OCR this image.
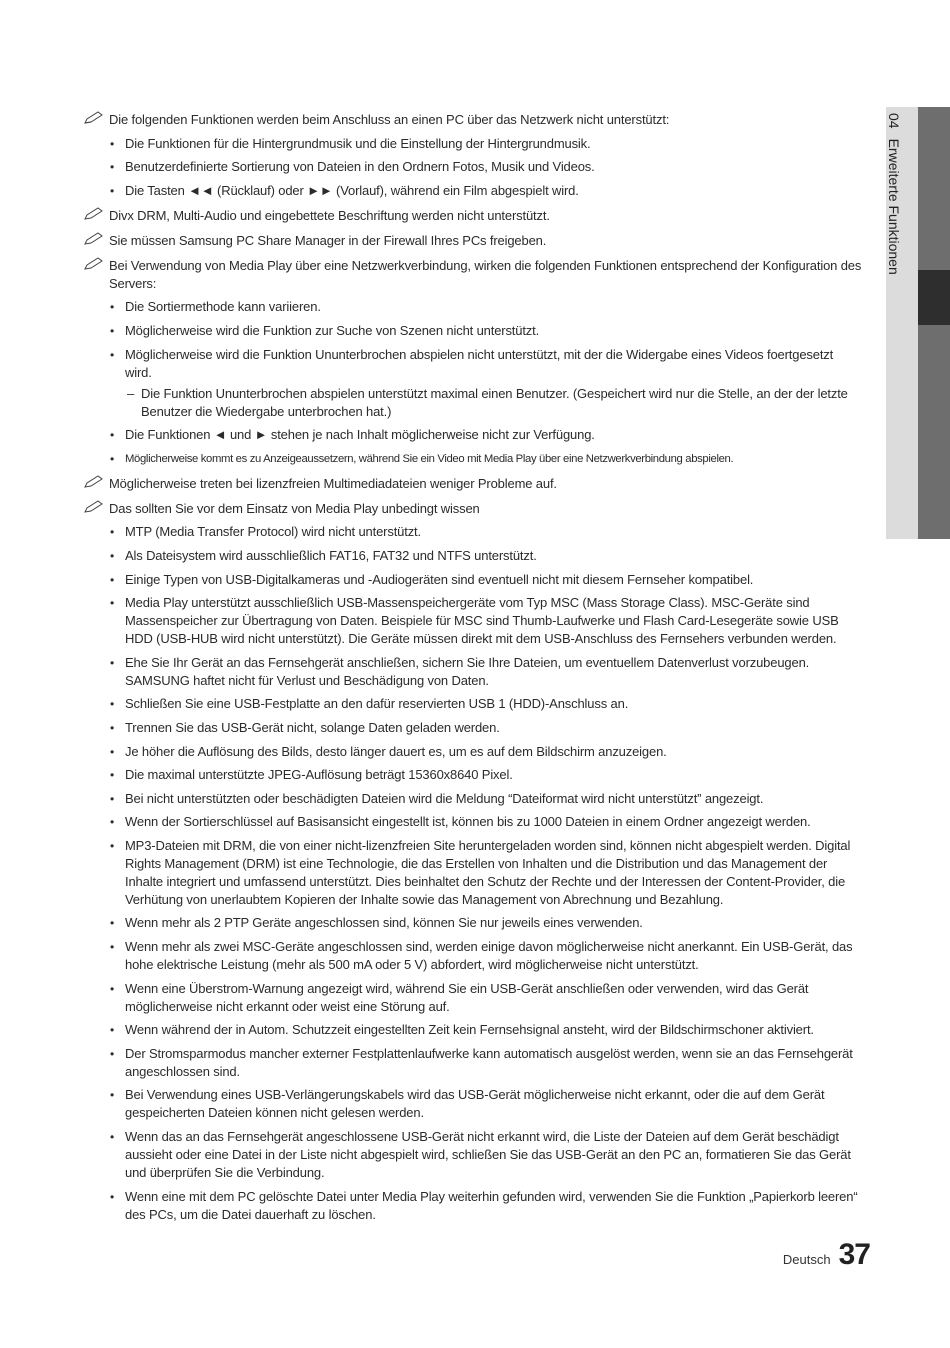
04Erweiterte Funktionen
Die folgenden Funktionen werden beim Anschluss an einen PC über das Netzwerk nicht unterstützt:
• Die Funktionen für die Hintergrundmusik und die Einstellung der Hintergrundmusik.
• Benutzerdefinierte Sortierung von Dateien in den Ordnern Fotos, Musik und Videos.
• Die Tasten ◄◄ (Rücklauf) oder ►► (Vorlauf), während ein Film abgespielt wird.
Divx DRM, Multi-Audio und eingebettete Beschriftung werden nicht unterstützt.
Sie müssen Samsung PC Share Manager in der Firewall Ihres PCs freigeben.
Bei Verwendung von Media Play über eine Netzwerkverbindung, wirken die folgenden Funktionen entsprechend der Konfiguration des Servers:
• Die Sortiermethode kann variieren.
• Möglicherweise wird die Funktion zur Suche von Szenen nicht unterstützt.
• Möglicherweise wird die Funktion Ununterbrochen abspielen nicht unterstützt, mit der die Widergabe eines Videos foertgesetzt wird.
– Die Funktion Ununterbrochen abspielen unterstützt maximal einen Benutzer. (Gespeichert wird nur die Stelle, an der der letzte Benutzer die Wiedergabe unterbrochen hat.)
• Die Funktionen ◄ und ► stehen je nach Inhalt möglicherweise nicht zur Verfügung.
• Möglicherweise kommt es zu Anzeigeaussetzern, während Sie ein Video mit Media Play über eine Netzwerkverbindung abspielen.
Möglicherweise treten bei lizenzfreien Multimediadateien weniger Probleme auf.
Das sollten Sie vor dem Einsatz von Media Play unbedingt wissen
• MTP (Media Transfer Protocol) wird nicht unterstützt.
• Als Dateisystem wird ausschließlich FAT16, FAT32 und NTFS unterstützt.
• Einige Typen von USB-Digitalkameras und -Audiogeräten sind eventuell nicht mit diesem Fernseher kompatibel.
• Media Play unterstützt ausschließlich USB-Massenspeichergeräte vom Typ MSC (Mass Storage Class). MSC-Geräte sind Massenspeicher zur Übertragung von Daten. Beispiele für MSC sind Thumb-Laufwerke und Flash Card-Lesegeräte sowie USB HDD (USB-HUB wird nicht unterstützt). Die Geräte müssen direkt mit dem USB-Anschluss des Fernsehers verbunden werden.
• Ehe Sie Ihr Gerät an das Fernsehgerät anschließen, sichern Sie Ihre Dateien, um eventuellem Datenverlust vorzubeugen. SAMSUNG haftet nicht für Verlust und Beschädigung von Daten.
• Schließen Sie eine USB-Festplatte an den dafür reservierten USB 1 (HDD)-Anschluss an.
• Trennen Sie das USB-Gerät nicht, solange Daten geladen werden.
• Je höher die Auflösung des Bilds, desto länger dauert es, um es auf dem Bildschirm anzuzeigen.
• Die maximal unterstützte JPEG-Auflösung beträgt 15360x8640 Pixel.
• Bei nicht unterstützten oder beschädigten Dateien wird die Meldung “Dateiformat wird nicht unterstützt” angezeigt.
• Wenn der Sortierschlüssel auf Basisansicht eingestellt ist, können bis zu 1000 Dateien in einem Ordner angezeigt werden.
• MP3-Dateien mit DRM, die von einer nicht-lizenzfreien Site heruntergeladen worden sind, können nicht abgespielt werden. Digital Rights Management (DRM) ist eine Technologie, die das Erstellen von Inhalten und die Distribution und das Management der Inhalte integriert und umfassend unterstützt. Dies beinhaltet den Schutz der Rechte und der Interessen der Content-Provider, die Verhütung von unerlaubtem Kopieren der Inhalte sowie das Management von Abrechnung und Bezahlung.
• Wenn mehr als 2 PTP Geräte angeschlossen sind, können Sie nur jeweils eines verwenden.
• Wenn mehr als zwei MSC-Geräte angeschlossen sind, werden einige davon möglicherweise nicht anerkannt. Ein USB-Gerät, das hohe elektrische Leistung (mehr als 500 mA oder 5 V) abfordert, wird möglicherweise nicht unterstützt.
• Wenn eine Überstrom-Warnung angezeigt wird, während Sie ein USB-Gerät anschließen oder verwenden, wird das Gerät möglicherweise nicht erkannt oder weist eine Störung auf.
• Wenn während der in Autom. Schutzzeit eingestellten Zeit kein Fernsehsignal ansteht, wird der Bildschirmschoner aktiviert.
• Der Stromsparmodus mancher externer Festplattenlaufwerke kann automatisch ausgelöst werden, wenn sie an das Fernsehgerät angeschlossen sind.
• Bei Verwendung eines USB-Verlängerungskabels wird das USB-Gerät möglicherweise nicht erkannt, oder die auf dem Gerät gespeicherten Dateien können nicht gelesen werden.
• Wenn das an das Fernsehgerät angeschlossene USB-Gerät nicht erkannt wird, die Liste der Dateien auf dem Gerät beschädigt aussieht oder eine Datei in der Liste nicht abgespielt wird, schließen Sie das USB-Gerät an den PC an, formatieren Sie das Gerät und überprüfen Sie die Verbindung.
• Wenn eine mit dem PC gelöschte Datei unter Media Play weiterhin gefunden wird, verwenden Sie die Funktion „Papierkorb leeren“ des PCs, um die Datei dauerhaft zu löschen.
Deutsch 37
